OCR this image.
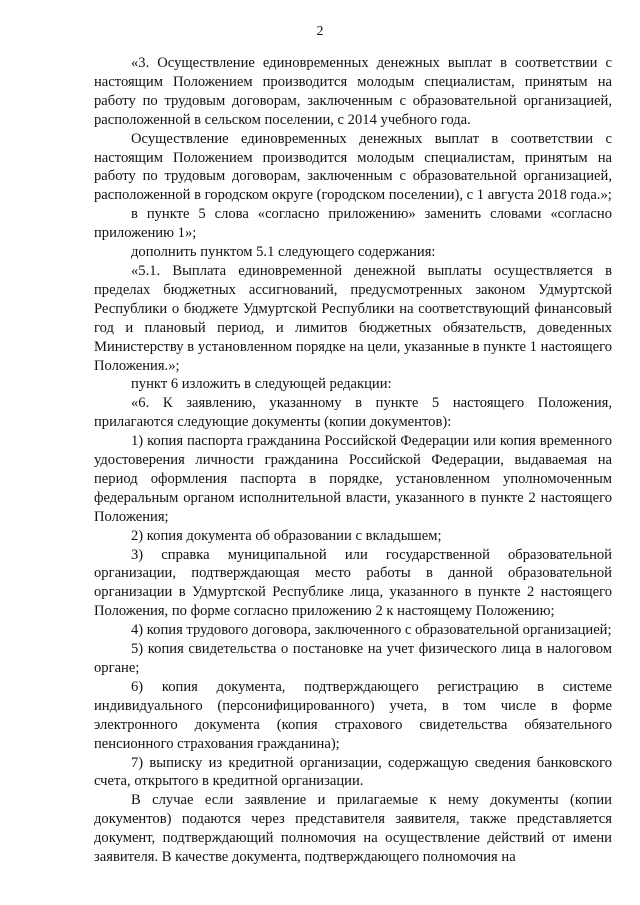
2

«3. Осуществление единовременных денежных выплат в соответствии с настоящим Положением производится молодым специалистам, принятым на работу по трудовым договорам, заключенным с образовательной организацией, расположенной в сельском поселении, с 2014 учебного года.

Осуществление единовременных денежных выплат в соответствии с настоящим Положением производится молодым специалистам, принятым на работу по трудовым договорам, заключенным с образовательной организацией, расположенной в городском округе (городском поселении), с 1 августа 2018 года.»;

в пункте 5 слова «согласно приложению» заменить словами «согласно приложению 1»;

дополнить пунктом 5.1 следующего содержания:

«5.1. Выплата единовременной денежной выплаты осуществляется в пределах бюджетных ассигнований, предусмотренных законом Удмуртской Республики о бюджете Удмуртской Республики на соответствующий финансовый год и плановый период, и лимитов бюджетных обязательств, доведенных Министерству в установленном порядке на цели, указанные в пункте 1 настоящего Положения.»;

пункт 6 изложить в следующей редакции:

«6. К заявлению, указанному в пункте 5 настоящего Положения, прилагаются следующие документы (копии документов):

1) копия паспорта гражданина Российской Федерации или копия временного удостоверения личности гражданина Российской Федерации, выдаваемая на период оформления паспорта в порядке, установленном уполномоченным федеральным органом исполнительной власти, указанного в пункте 2 настоящего Положения;

2) копия документа об образовании с вкладышем;

3) справка муниципальной или государственной образовательной организации, подтверждающая место работы в данной образовательной организации в Удмуртской Республике лица, указанного в пункте 2 настоящего Положения, по форме согласно приложению 2 к настоящему Положению;

4) копия трудового договора, заключенного с образовательной организацией;

5) копия свидетельства о постановке на учет физического лица в налоговом органе;

6) копия документа, подтверждающего регистрацию в системе индивидуального (персонифицированного) учета, в том числе в форме электронного документа (копия страхового свидетельства обязательного пенсионного страхования гражданина);

7) выписку из кредитной организации, содержащую сведения банковского счета, открытого в кредитной организации.

В случае если заявление и прилагаемые к нему документы (копии документов) подаются через представителя заявителя, также представляется документ, подтверждающий полномочия на осуществление действий от имени заявителя. В качестве документа, подтверждающего полномочия на
